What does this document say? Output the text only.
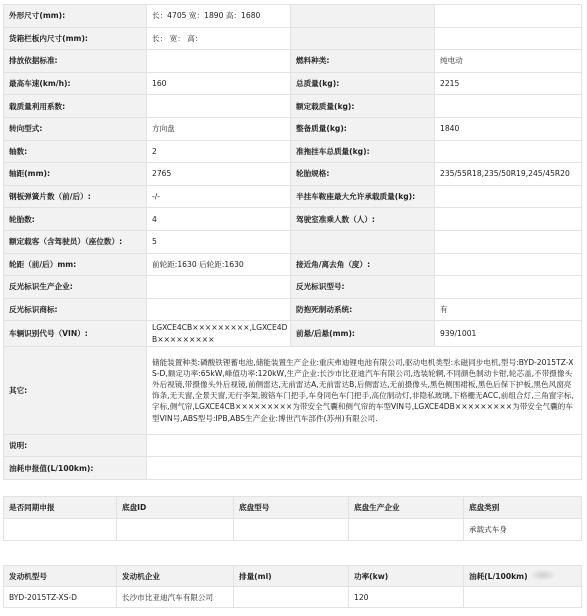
外形尺寸(mm):	长：4705 宽：1890 高：1680		
货箱栏板内尺寸(mm):	长： 宽： 高：		
排放依据标准:		燃料种类:	纯电动
最高车速(km/h):	160	总质量(kg):	2215
载质量利用系数:		额定载质量(kg):	
转向型式:	方向盘	整备质量(kg):	1840
轴数:	2	准拖挂车总质量(kg):	
轴距(mm):	2765	轮胎规格:	235/55R18,235/50R19,245/45R20
钢板弹簧片数（前/后）:	-/-	半挂车鞍座最大允许承载质量(kg):	
轮胎数:	4	驾驶室准乘人数（人）:	
额定载客（含驾驶员）（座位数）:	5		
轮距（前/后）mm:	前轮距:1630 后轮距:1630	接近角/离去角（度）:	
反光标识生产企业:		反光标识型号:	
反光标识商标:		防抱死制动系统:	有
车辆识别代号（VIN）:	LGXCE4CB×××××××××,LGXCE4DB×××××××××	前悬/后悬(mm):	939/1001
其它:	储能装置种类:磷酸铁锂蓄电池,储能装置生产企业:重庆弗迪锂电池有限公司,驱动电机类型:永磁同步电机,型号:BYD-2015TZ-XS-D,额定功率:65kW,峰值功率:120kW,生产企业:长沙市比亚迪汽车有限公司,选装轮辋,不同颜色制动卡钳,轮芯盖,不带摄像头外后视镜,带摄像头外后视镜,前侧雷达,无前雷达A,无前雷达B,后侧雷达,无前摄像头,黑色侧围裙板,黑色后保下护板,黑色风窗亮饰条,无天窗,全景天窗,无行李架,镀铬车门把手,车身同色车门把手,高位制动灯,非隐私玻璃,下格栅无ACC,前组合灯,三角窗字标,字标,侧气帘,LGXCE4CB×××××××××为带安全气囊和侧气帘的车型VIN号,LGXCE4DB×××××××××为带安全气囊的车型VIN号,ABS型号:IPB,ABS生产企业:博世汽车部件(苏州)有限公司.		
说明:			
油耗申报值(L/100km):			
是否同期申报	底盘ID	底盘型号	底盘生产企业	底盘类别
				承载式车身
发动机型号	发动机企业	排量(ml)	功率(kw)	油耗(L/100km)
BYD-2015TZ-XS-D	长沙市比亚迪汽车有限公司		120	
